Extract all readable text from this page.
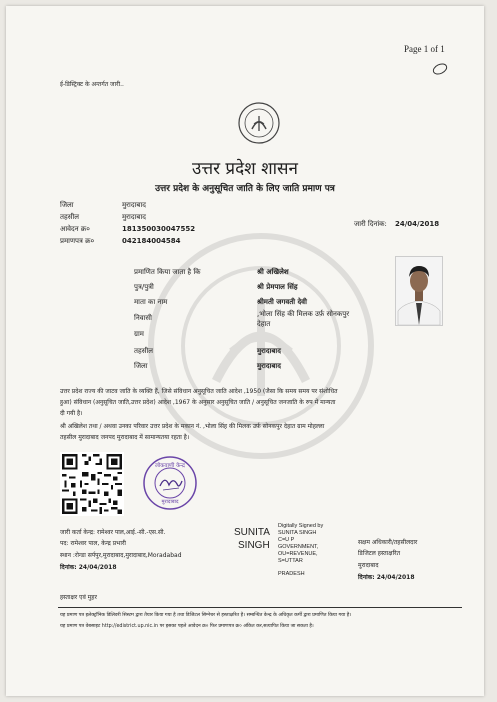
Page 1 of 1
ई-डिस्ट्रिक्ट के अन्तर्गत जारी..
उत्तर प्रदेश शासन
उत्तर प्रदेश के अनुसूचित जाति के लिए जाति प्रमाण पत्र
जिला	मुरादाबाद
तहसील	मुरादाबाद
आवेदन क्र०	181350030047552
प्रमाणपत्र क्र०	042184004584
जारी दिनांक: 24/04/2018
प्रमाणित किया जाता है कि	श्री अखिलेश
पुत्र/पुत्री	श्री प्रेमपाल सिंह
माता का नाम	श्रीमती जगवती देवी
निवासी	,भोला सिंह की मिलक उर्फ़ सोनकपुर
देहात
ग्राम
तहसील	मुरादाबाद
जिला	मुरादाबाद
उत्तर प्रदेश राज्य की जाटव जाति के व्यक्ति हैं, जिसे संविधान अनुसूचित जाति आदेश ,1950 (जैसा कि समय समय पर संशोधित
हुआ) संविधान (अनुसूचित जाति,उत्तर प्रदेश) आदेश ,1967 के अनुसार अनुसूचित जाति / अनुसूचित जनजाति के रुप में मान्यता
दी गयी है।
श्री अखिलेश तथा / अथवा उनका परिवार उत्तर प्रदेश के मकान नं. ,भोला सिंह की मिलक उर्फ़ सोनकपुर देहात ग्राम मोहल्ला
तहसील मुरादाबाद जनपद मुरादाबाद में सामान्यतया रहता है।
लोकवाणी केन्द्र
मुरादाबाद
जारी कर्ता केन्द्र: रामेश्वर पाल,आई.-सी.-एस.सी.
पद: रामेश्वर पाल, केन्द्र प्रभारी
स्थान :रोन्डा सर्पपुर,मुरादाबाद,मुरादाबाद,Moradabad
दिनांक: 24/04/2018
SUNITA
SINGH
Digitally Signed by
SUNITA SINGH
C=U P
GOVERNMENT,
OU=REVENUE,
S=UTTAR
PRADESH
सक्षम अधिकारी/तहसीलदार
डिजिटल हस्ताक्षरित
मुरादाबाद
दिनांक: 24/04/2018
हस्ताक्षर एवं मुहर
यह प्रमाण पत्र इलेक्ट्रॉनिक डिलिवरी सिस्टम द्वारा तैयार किया गया है तथा डिजिटल सिग्नेचर से हस्ताक्षरित है। सम्बन्धित केन्द्र के अधिकृत कर्मी द्वारा प्रमाणित किया गया है।
यह प्रमाण पत्र वेबसाइट http://edistrict.up.nic.in पर इसका पहले आवेदन क्र० फिर प्रमाणपत्र क्र० अंकित कर,सत्यापित किया जा सकता है।
